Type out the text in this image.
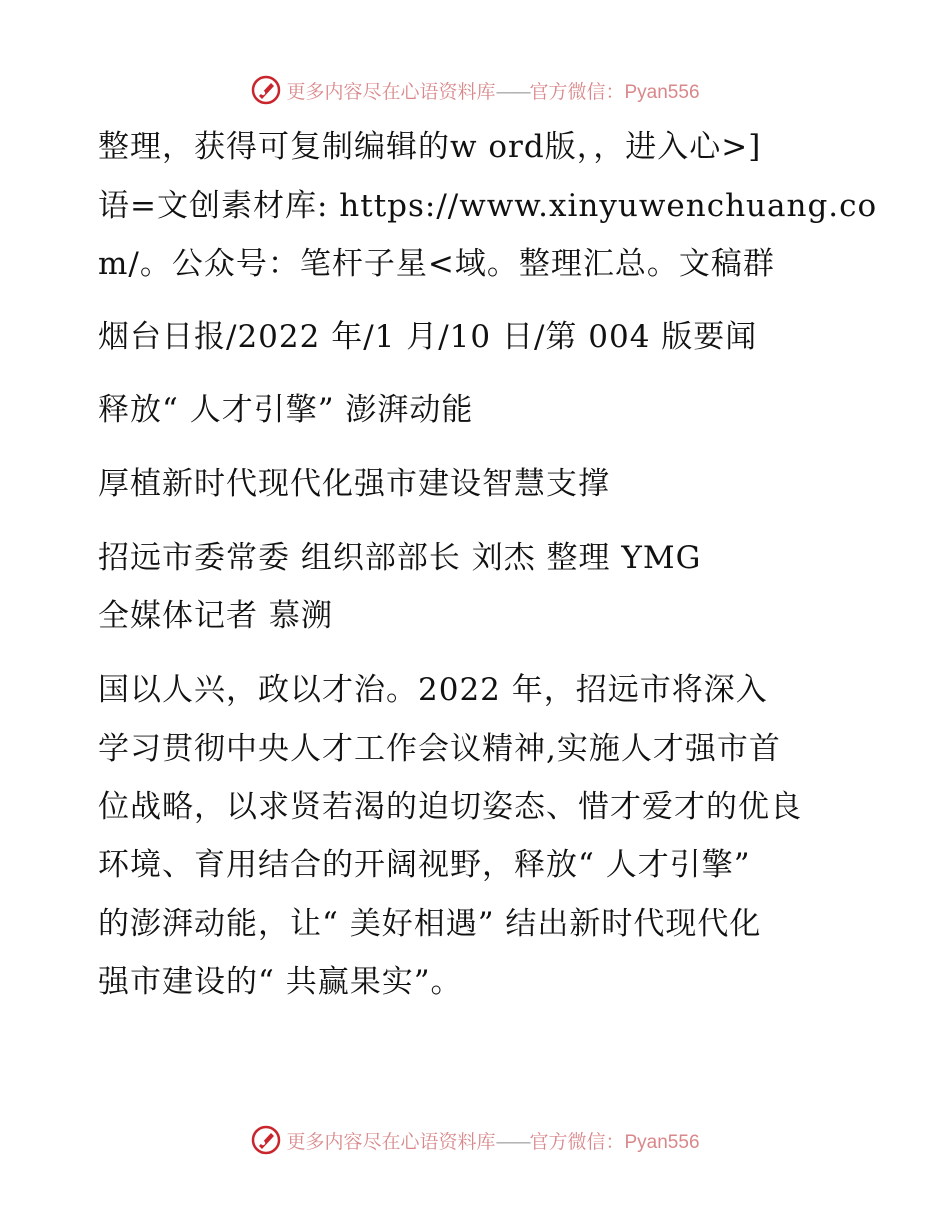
更多内容尽在心语资料库——官方微信：Pyan556
整理，获得可复制编辑的w ord版，，进入心>]
语=文创素材库: https://www.xinyuwenchuang.co
m/。公众号：笔杆子星<域。整理汇总。文稿群
烟台日报/2022 年/1 月/10 日/第 004 版要闻
释放“ 人才引擎” 澎湃动能
厚植新时代现代化强市建设智慧支撑
招远市委常委 组织部部长 刘杰 整理 YMG
全媒体记者 慕溯
国以人兴，政以才治。2022 年，招远市将深入
学习贯彻中央人才工作会议精神,实施人才强市首
位战略，以求贤若渴的迫切姿态、惜才爱才的优良
环境、育用结合的开阔视野，释放“ 人才引擎”
的澎湃动能，让“ 美好相遇” 结出新时代现代化
强市建设的“ 共赢果实”。
更多内容尽在心语资料库——官方微信：Pyan556
